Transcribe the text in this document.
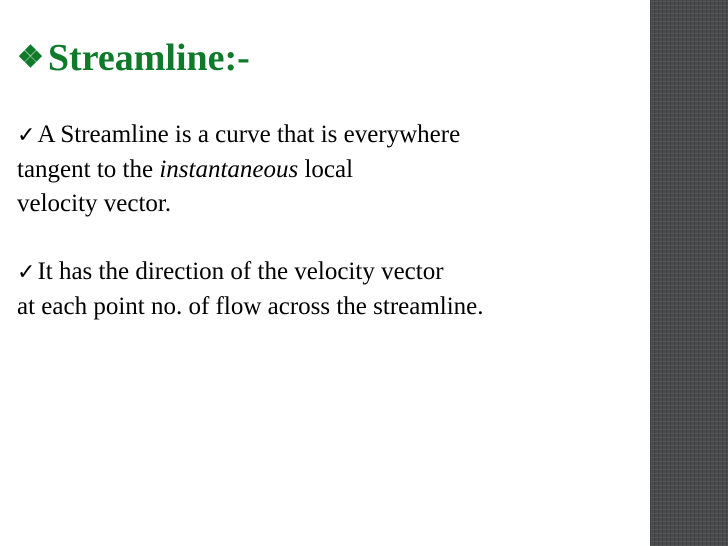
❖ Streamline:-
✓A Streamline is a curve that is everywhere
tangent to the instantaneous local
velocity vector.
✓It has the direction of the velocity vector
at each point no. of flow across the streamline.
